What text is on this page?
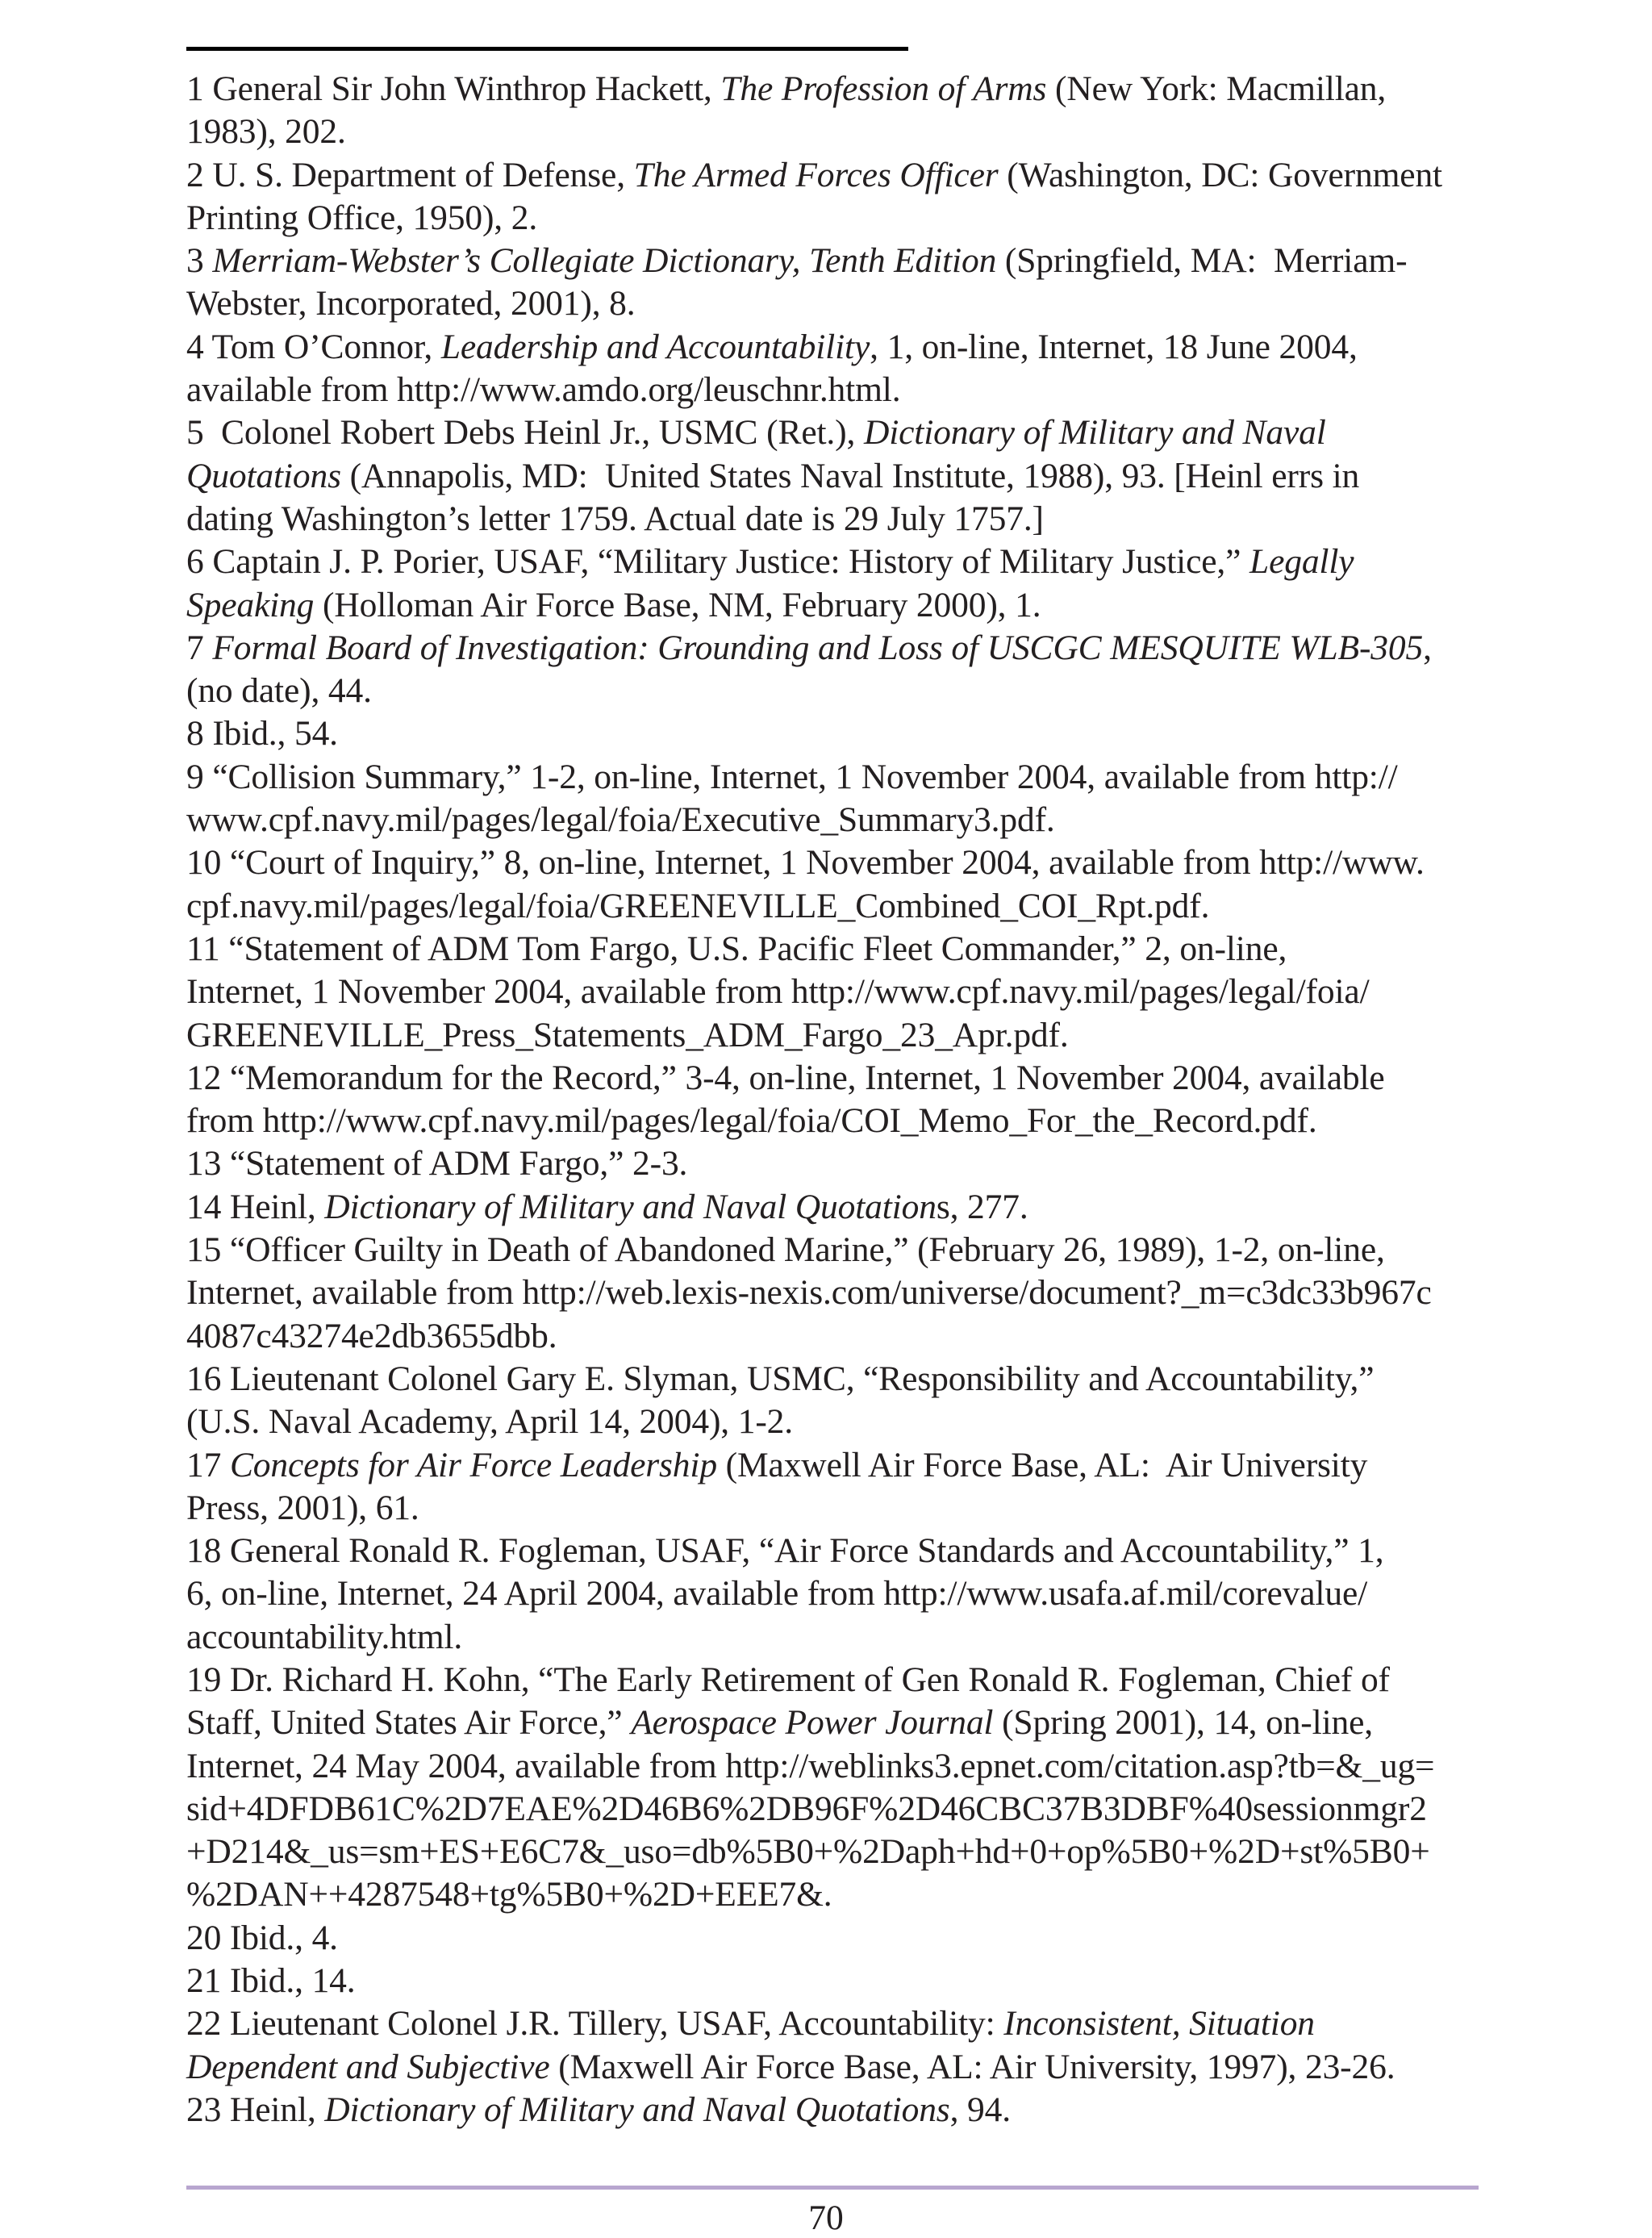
1 General Sir John Winthrop Hackett, The Profession of Arms (New York: Macmillan,

1983), 202.

2 U. S. Department of Defense, The Armed Forces Officer (Washington, DC: Government

Printing Office, 1950), 2.

3 Merriam-Webster’s Collegiate Dictionary, Tenth Edition (Springfield, MA:  Merriam-

Webster, Incorporated, 2001), 8.

4 Tom O’Connor, Leadership and Accountability, 1, on-line, Internet, 18 June 2004,

available from http://www.amdo.org/leuschnr.html.

5  Colonel Robert Debs Heinl Jr., USMC (Ret.), Dictionary of Military and Naval

Quotations (Annapolis, MD:  United States Naval Institute, 1988), 93. [Heinl errs in

dating Washington’s letter 1759. Actual date is 29 July 1757.]

6 Captain J. P. Porier, USAF, “Military Justice: History of Military Justice,” Legally

Speaking (Holloman Air Force Base, NM, February 2000), 1.

7 Formal Board of Investigation: Grounding and Loss of USCGC MESQUITE WLB-305,

(no date), 44.

8 Ibid., 54.

9 “Collision Summary,” 1-2, on-line, Internet, 1 November 2004, available from http://

www.cpf.navy.mil/pages/legal/foia/Executive_Summary3.pdf.

10 “Court of Inquiry,” 8, on-line, Internet, 1 November 2004, available from http://www.

cpf.navy.mil/pages/legal/foia/GREENEVILLE_Combined_COI_Rpt.pdf.

11 “Statement of ADM Tom Fargo, U.S. Pacific Fleet Commander,” 2, on-line,

Internet, 1 November 2004, available from http://www.cpf.navy.mil/pages/legal/foia/

GREENEVILLE_Press_Statements_ADM_Fargo_23_Apr.pdf.

12 “Memorandum for the Record,” 3-4, on-line, Internet, 1 November 2004, available

from http://www.cpf.navy.mil/pages/legal/foia/COI_Memo_For_the_Record.pdf.

13 “Statement of ADM Fargo,” 2-3.

14 Heinl, Dictionary of Military and Naval Quotations, 277.

15 “Officer Guilty in Death of Abandoned Marine,” (February 26, 1989), 1-2, on-line,

Internet, available from http://web.lexis-nexis.com/universe/document?_m=c3dc33b967c

4087c43274e2db3655dbb.

16 Lieutenant Colonel Gary E. Slyman, USMC, “Responsibility and Accountability,”

(U.S. Naval Academy, April 14, 2004), 1-2.

17 Concepts for Air Force Leadership (Maxwell Air Force Base, AL:  Air University

Press, 2001), 61.

18 General Ronald R. Fogleman, USAF, “Air Force Standards and Accountability,” 1,

6, on-line, Internet, 24 April 2004, available from http://www.usafa.af.mil/corevalue/

accountability.html.

19 Dr. Richard H. Kohn, “The Early Retirement of Gen Ronald R. Fogleman, Chief of

Staff, United States Air Force,” Aerospace Power Journal (Spring 2001), 14, on-line,

Internet, 24 May 2004, available from http://weblinks3.epnet.com/citation.asp?tb=&_ug=

sid+4DFDB61C%2D7EAE%2D46B6%2DB96F%2D46CBC37B3DBF%40sessionmgr2

+D214&_us=sm+ES+E6C7&_uso=db%5B0+%2Daph+hd+0+op%5B0+%2D+st%5B0+

%2DAN++4287548+tg%5B0+%2D+EEE7&.

20 Ibid., 4.

21 Ibid., 14.

22 Lieutenant Colonel J.R. Tillery, USAF, Accountability: Inconsistent, Situation

Dependent and Subjective (Maxwell Air Force Base, AL: Air University, 1997), 23-26.

23 Heinl, Dictionary of Military and Naval Quotations, 94.

70
